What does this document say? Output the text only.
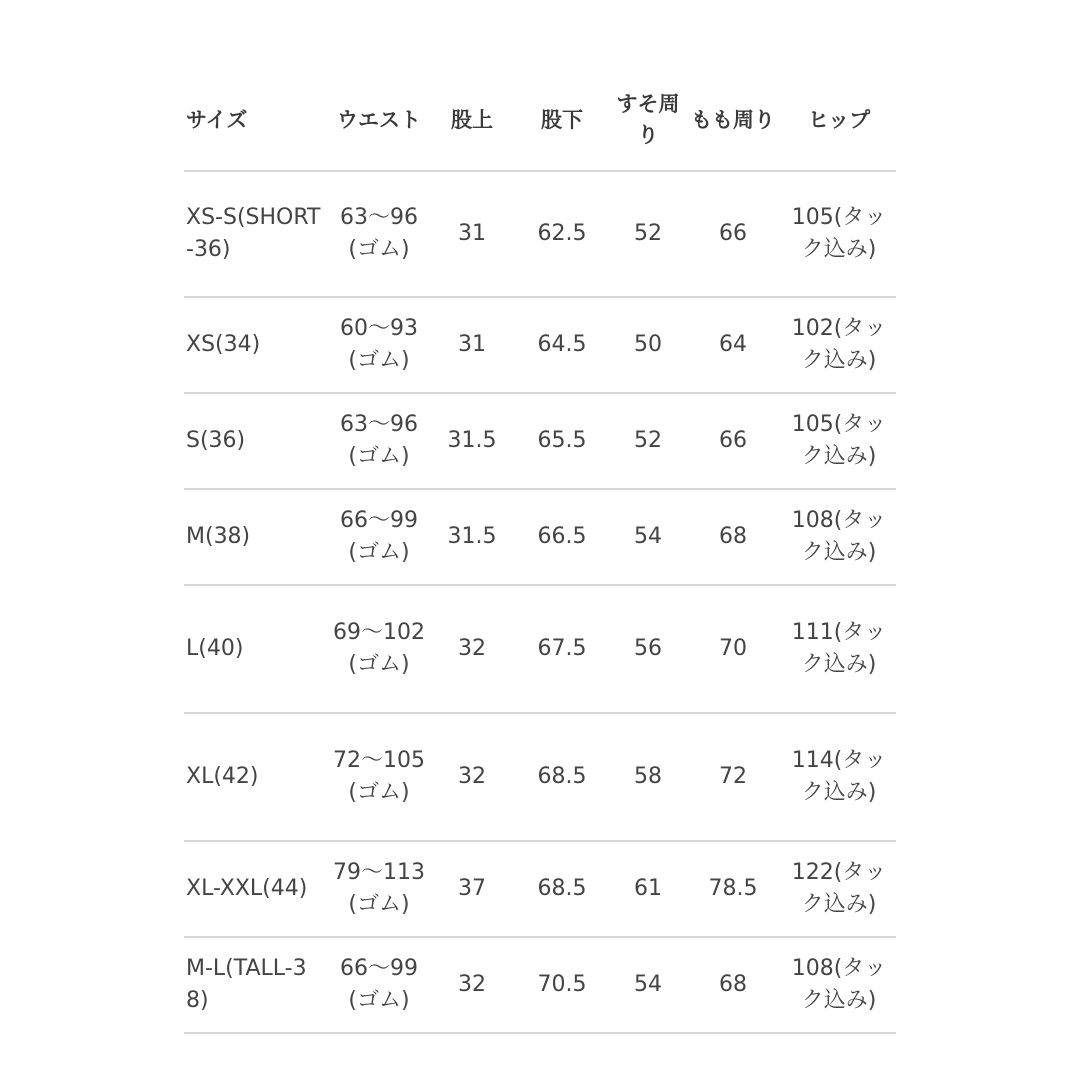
サイズ	ウエスト	股上	股下	すそ周り	もも周り	ヒップ
XS-S(SHORT-36)	63〜96(ゴム)	31	62.5	52	66	105(タック込み)
XS(34)	60〜93(ゴム)	31	64.5	50	64	102(タック込み)
S(36)	63〜96(ゴム)	31.5	65.5	52	66	105(タック込み)
M(38)	66〜99(ゴム)	31.5	66.5	54	68	108(タック込み)
L(40)	69〜102(ゴム)	32	67.5	56	70	111(タック込み)
XL(42)	72〜105(ゴム)	32	68.5	58	72	114(タック込み)
XL-XXL(44)	79〜113(ゴム)	37	68.5	61	78.5	122(タック込み)
M-L(TALL-38)	66〜99(ゴム)	32	70.5	54	68	108(タック込み)
